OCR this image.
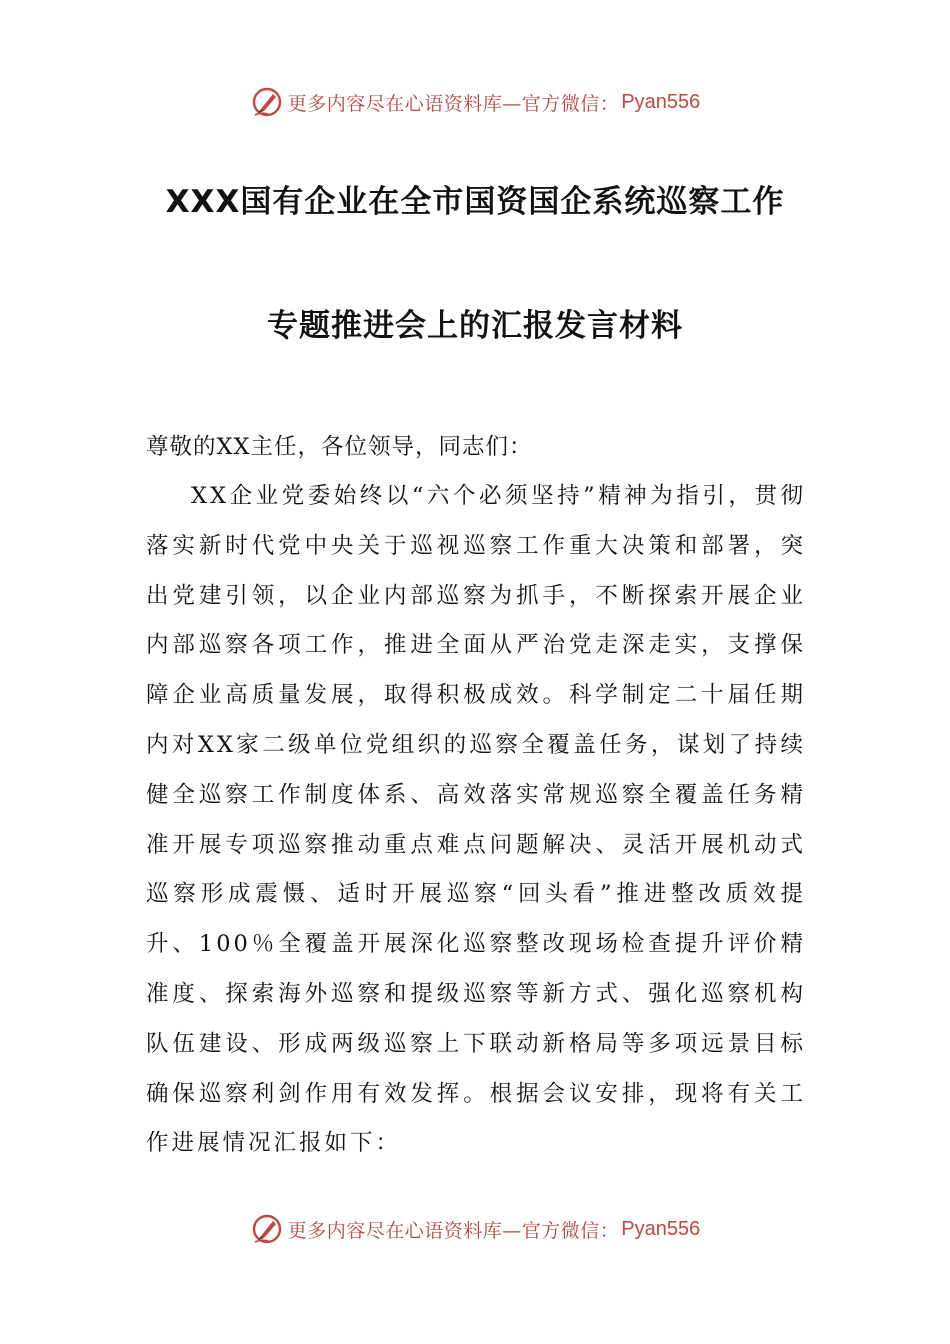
更多内容尽在心语资料库—官方微信： Pyan556
XXX国有企业在全市国资国企系统巡察工作
专题推进会上的汇报发言材料

尊敬的XX主任，各位领导，同志们：

XX企业党委始终以“六个必须坚持”精神为指引，贯彻落实新时代党中央关于巡视巡察工作重大决策和部署，突出党建引领，以企业内部巡察为抓手，不断探索开展企业内部巡察各项工作，推进全面从严治党走深走实，支撑保障企业高质量发展，取得积极成效。科学制定二十届任期内对XX家二级单位党组织的巡察全覆盖任务，谋划了持续健全巡察工作制度体系、高效落实常规巡察全覆盖任务精准开展专项巡察推动重点难点问题解决、灵活开展机动式巡察形成震慑、适时开展巡察“回头看”推进整改质效提升、100％全覆盖开展深化巡察整改现场检查提升评价精准度、探索海外巡察和提级巡察等新方式、强化巡察机构队伍建设、形成两级巡察上下联动新格局等多项远景目标确保巡察利剑作用有效发挥。根据会议安排，现将有关工作进展情况汇报如下：

更多内容尽在心语资料库—官方微信： Pyan556
